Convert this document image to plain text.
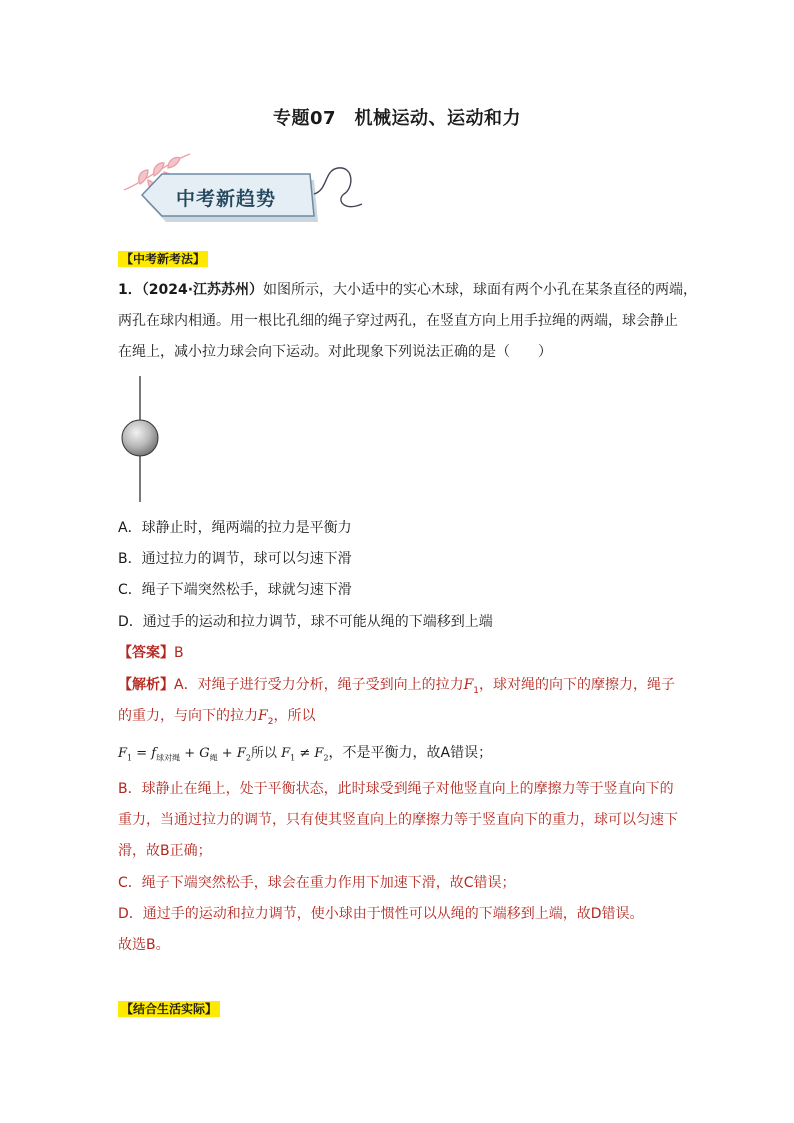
专题07　机械运动、运动和力
中考新趋势
【中考新考法】
1．（2024·江苏苏州）如图所示，大小适中的实心木球，球面有两个小孔在某条直径的两端，
两孔在球内相通。用一根比孔细的绳子穿过两孔，在竖直方向上用手拉绳的两端，球会静止
在绳上，减小拉力球会向下运动。对此现象下列说法正确的是（　　）
A．球静止时，绳两端的拉力是平衡力
B．通过拉力的调节，球可以匀速下滑
C．绳子下端突然松手，球就匀速下滑
D．通过手的运动和拉力调节，球不可能从绳的下端移到上端
【答案】B
【解析】A．对绳子进行受力分析，绳子受到向上的拉力$F_1$，球对绳的向下的摩擦力，绳子
的重力，与向下的拉力$F_2$，所以
$F_1 = f_{球对绳} + G_绳 + F_2$所以 $F_1 \ne F_2$，不是平衡力，故A错误；
B．球静止在绳上，处于平衡状态，此时球受到绳子对他竖直向上的摩擦力等于竖直向下的
重力，当通过拉力的调节，只有使其竖直向上的摩擦力等于竖直向下的重力，球可以匀速下
滑，故B正确；
C．绳子下端突然松手，球会在重力作用下加速下滑，故C错误；
D．通过手的运动和拉力调节，使小球由于惯性可以从绳的下端移到上端，故D错误。
故选B。
【结合生活实际】
